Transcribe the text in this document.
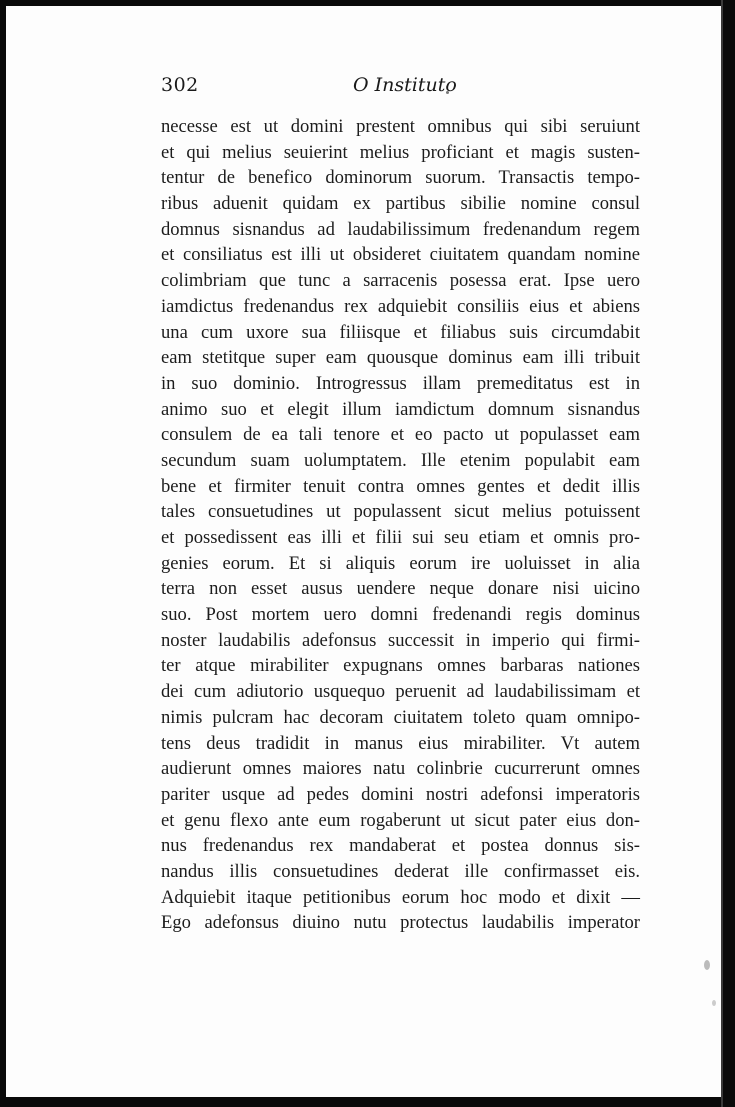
302	O Instituto
necesse est ut domini prestent omnibus qui sibi seruiunt
et qui melius seuierint melius proficiant et magis susten-
tentur de benefico dominorum suorum. Transactis tempo-
ribus aduenit quidam ex partibus sibilie nomine consul
domnus sisnandus ad laudabilissimum fredenandum regem
et consiliatus est illi ut obsideret ciuitatem quandam nomine
colimbriam que tunc a sarracenis posessa erat. Ipse uero
iamdictus fredenandus rex adquiebit consiliis eius et abiens
una cum uxore sua filiisque et filiabus suis circumdabit
eam stetitque super eam quousque dominus eam illi tribuit
in suo dominio. Introgressus illam premeditatus est in
animo suo et elegit illum iamdictum domnum sisnandus
consulem de ea tali tenore et eo pacto ut populasset eam
secundum suam uolumptatem. Ille etenim populabit eam
bene et firmiter tenuit contra omnes gentes et dedit illis
tales consuetudines ut populassent sicut melius potuissent
et possedissent eas illi et filii sui seu etiam et omnis pro-
genies eorum. Et si aliquis eorum ire uoluisset in alia
terra non esset ausus uendere neque donare nisi uicino
suo. Post mortem uero domni fredenandi regis dominus
noster laudabilis adefonsus successit in imperio qui firmi-
ter atque mirabiliter expugnans omnes barbaras nationes
dei cum adiutorio usquequo peruenit ad laudabilissimam et
nimis pulcram hac decoram ciuitatem toleto quam omnipo-
tens deus tradidit in manus eius mirabiliter. Vt autem
audierunt omnes maiores natu colinbrie cucurrerunt omnes
pariter usque ad pedes domini nostri adefonsi imperatoris
et genu flexo ante eum rogaberunt ut sicut pater eius don-
nus fredenandus rex mandaberat et postea donnus sis-
nandus illis consuetudines dederat ille confirmasset eis.
Adquiebit itaque petitionibus eorum hoc modo et dixit —
Ego adefonsus diuino nutu protectus laudabilis imperator
